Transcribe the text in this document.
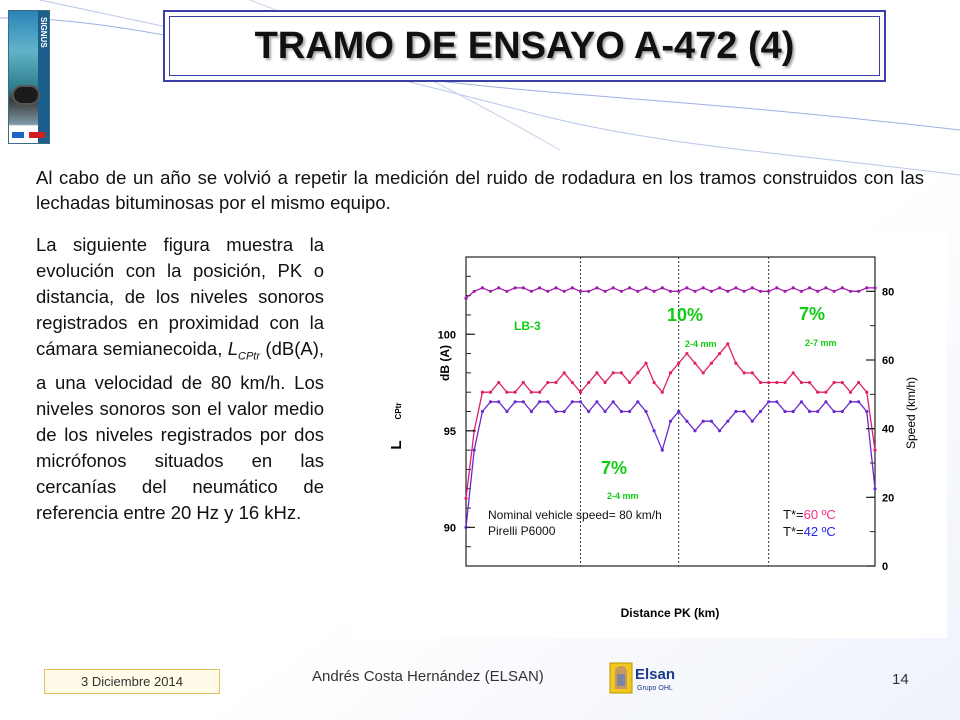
SIGNUS	TRAMO DE ENSAYO A-472 (4)
Al cabo de un año se volvió a repetir la medición del ruido de rodadura en los tramos construidos con las lechadas bituminosas por el mismo equipo.
La siguiente figura muestra la evolución con la posición, PK o distancia, de los niveles sonoros registrados en proximidad con la cámara semianecoida, $L_{CPtr}$ (dB(A), a una velocidad de 80 km/h. Los niveles sonoros son el valor medio de los niveles registrados por dos micrófonos situados en las cercanías del neumático de referencia entre 20 Hz y 16 kHz.
100
95
90
80
60
40
20
0
dB (A)
L
CPtr	Speed (km/h)
Distance PK (km)
LB-3
10%
2-4 mm
7%
2-7 mm
7%
2-4 mm
Nominal vehicle speed= 80 km/h
Pirelli P6000
T*=60 ºC
T*=42 ºC
3 Diciembre 2014	Andrés Costa Hernández (ELSAN)	Elsan
Grupo OHL
14
